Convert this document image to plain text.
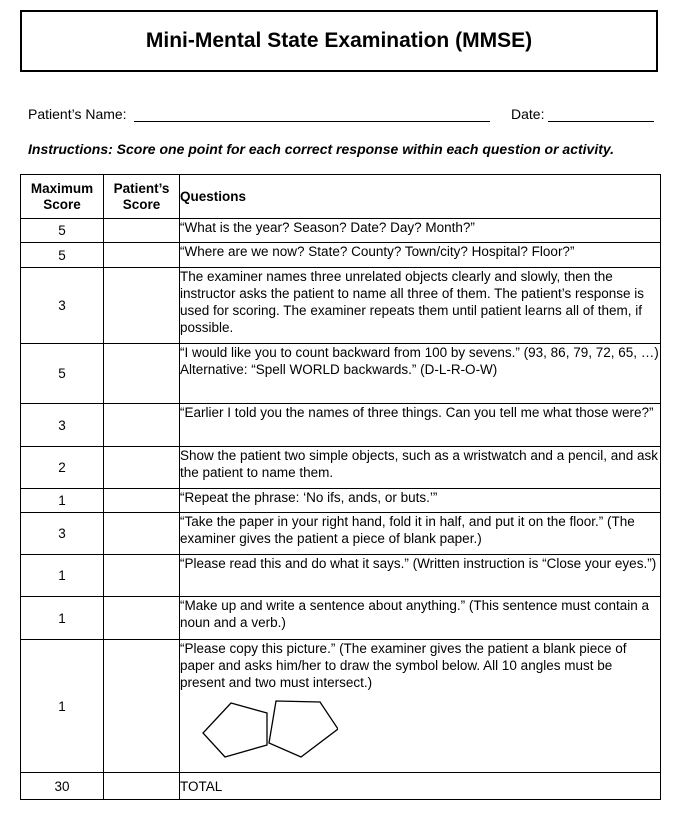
Mini-Mental State Examination (MMSE)
Patient’s Name:	Date:
Instructions: Score one point for each correct response within each question or activity.
Maximum Score	Patient’s Score	Questions
5		“What is the year? Season? Date? Day? Month?”
5		“Where are we now? State? County? Town/city? Hospital? Floor?”
3		The examiner names three unrelated objects clearly and slowly, then the instructor asks the patient to name all three of them. The patient’s response is used for scoring. The examiner repeats them until patient learns all of them, if possible.
5		“I would like you to count backward from 100 by sevens.” (93, 86, 79, 72, 65, …)
Alternative: “Spell WORLD backwards.” (D-L-R-O-W)

3		“Earlier I told you the names of three things. Can you tell me what those were?”
2		Show the patient two simple objects, such as a wristwatch and a pencil, and ask the patient to name them.
1		“Repeat the phrase: ‘No ifs, ands, or buts.’”
3		“Take the paper in your right hand, fold it in half, and put it on the floor.” (The examiner gives the patient a piece of blank paper.)
1		“Please read this and do what it says.” (Written instruction is “Close your eyes.”)
1		“Make up and write a sentence about anything.” (This sentence must contain a noun and a verb.)
1		“Please copy this picture.” (The examiner gives the patient a blank piece of paper and asks him/her to draw the symbol below. All 10 angles must be present and two must intersect.)

30		TOTAL
